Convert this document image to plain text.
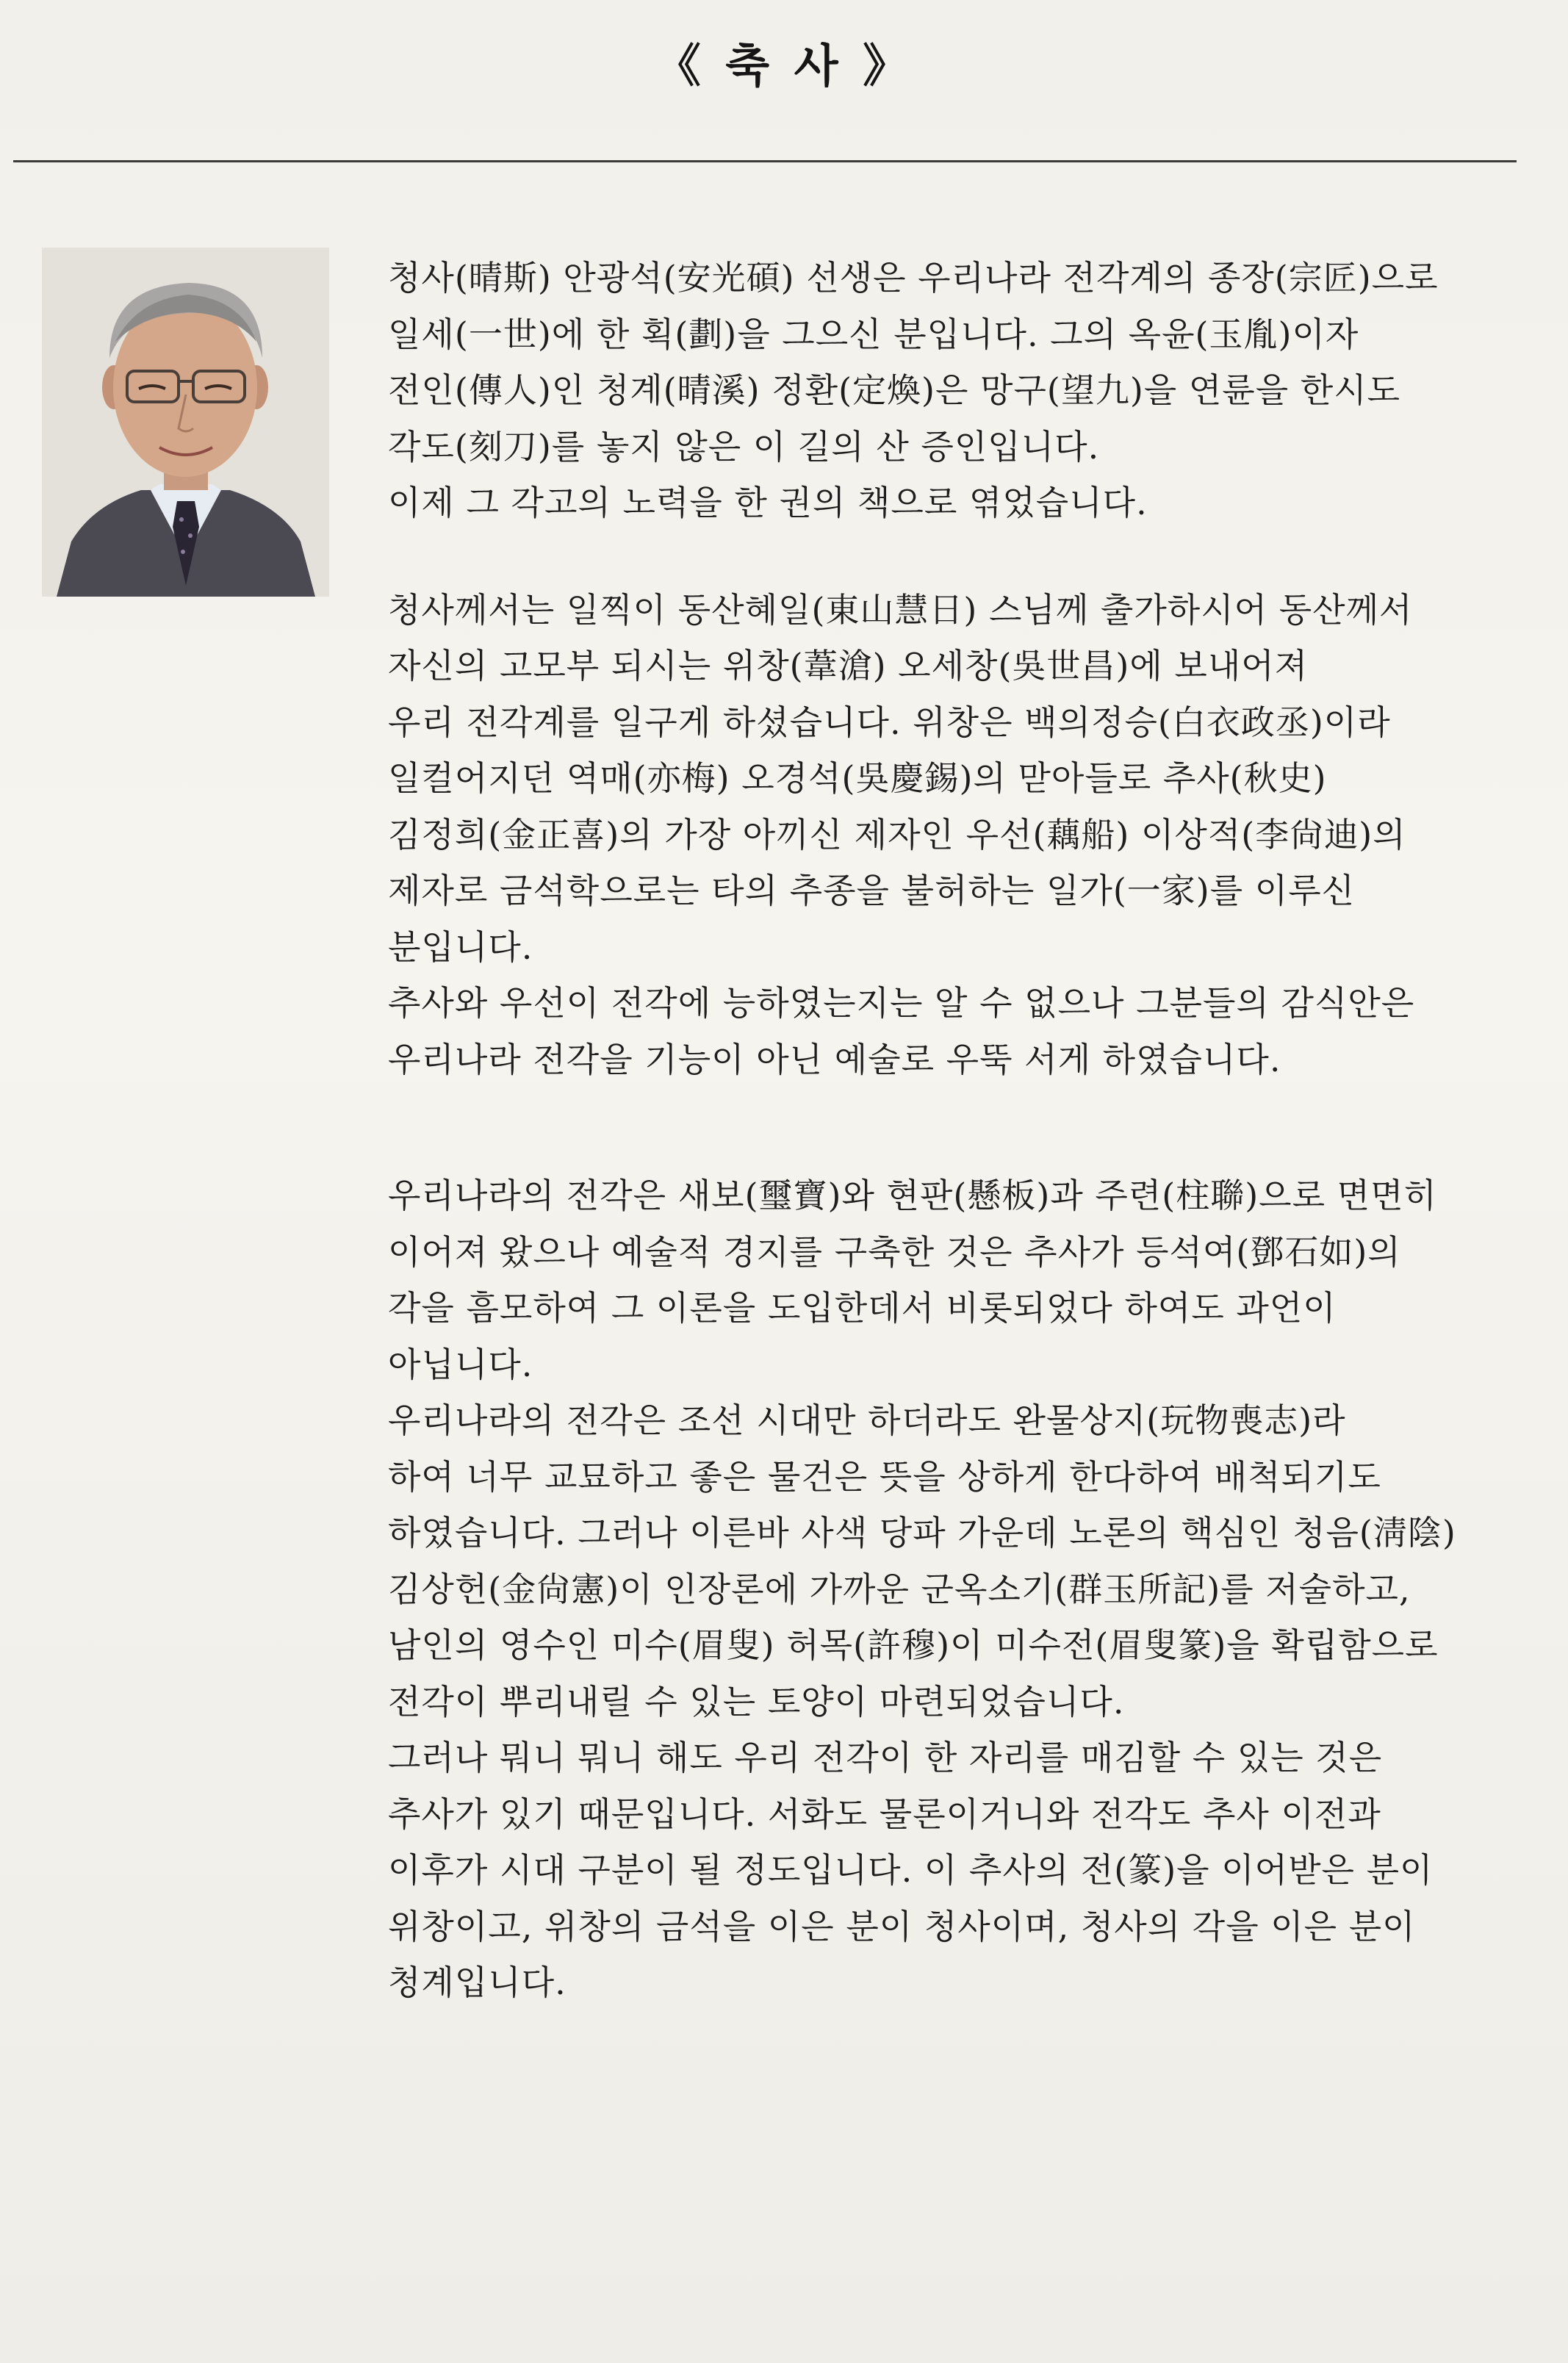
《 축 사 》
청사(晴斯) 안광석(安光碩) 선생은 우리나라 전각계의 종장(宗匠)으로
일세(一世)에 한 획(劃)을 그으신 분입니다. 그의 옥윤(玉胤)이자
전인(傳人)인 청계(晴溪) 정환(定煥)은 망구(望九)을 연륜을 한시도
각도(刻刀)를 놓지 않은 이 길의 산 증인입니다.
이제 그 각고의 노력을 한 권의 책으로 엮었습니다.
청사께서는 일찍이 동산혜일(東山慧日) 스님께 출가하시어 동산께서
자신의 고모부 되시는 위창(葦滄) 오세창(吳世昌)에 보내어져
우리 전각계를 일구게 하셨습니다. 위창은 백의정승(白衣政丞)이라
일컬어지던 역매(亦梅) 오경석(吳慶錫)의 맏아들로 추사(秋史)
김정희(金正喜)의 가장 아끼신 제자인 우선(藕船) 이상적(李尙迪)의
제자로 금석학으로는 타의 추종을 불허하는 일가(一家)를 이루신
분입니다.
추사와 우선이 전각에 능하였는지는 알 수 없으나 그분들의 감식안은
우리나라 전각을 기능이 아닌 예술로 우뚝 서게 하였습니다.
우리나라의 전각은 새보(璽寶)와 현판(懸板)과 주련(柱聯)으로 면면히
이어져 왔으나 예술적 경지를 구축한 것은 추사가 등석여(鄧石如)의
각을 흠모하여 그 이론을 도입한데서 비롯되었다 하여도 과언이
아닙니다.
우리나라의 전각은 조선 시대만 하더라도 완물상지(玩物喪志)라
하여 너무 교묘하고 좋은 물건은 뜻을 상하게 한다하여 배척되기도
하였습니다. 그러나 이른바 사색 당파 가운데 노론의 핵심인 청음(淸陰)
김상헌(金尙憲)이 인장론에 가까운 군옥소기(群玉所記)를 저술하고,
남인의 영수인 미수(眉叟) 허목(許穆)이 미수전(眉叟篆)을 확립함으로
전각이 뿌리내릴 수 있는 토양이 마련되었습니다.
그러나 뭐니 뭐니 해도 우리 전각이 한 자리를 매김할 수 있는 것은
추사가 있기 때문입니다. 서화도 물론이거니와 전각도 추사 이전과
이후가 시대 구분이 될 정도입니다. 이 추사의 전(篆)을 이어받은 분이
위창이고, 위창의 금석을 이은 분이 청사이며, 청사의 각을 이은 분이
청계입니다.
